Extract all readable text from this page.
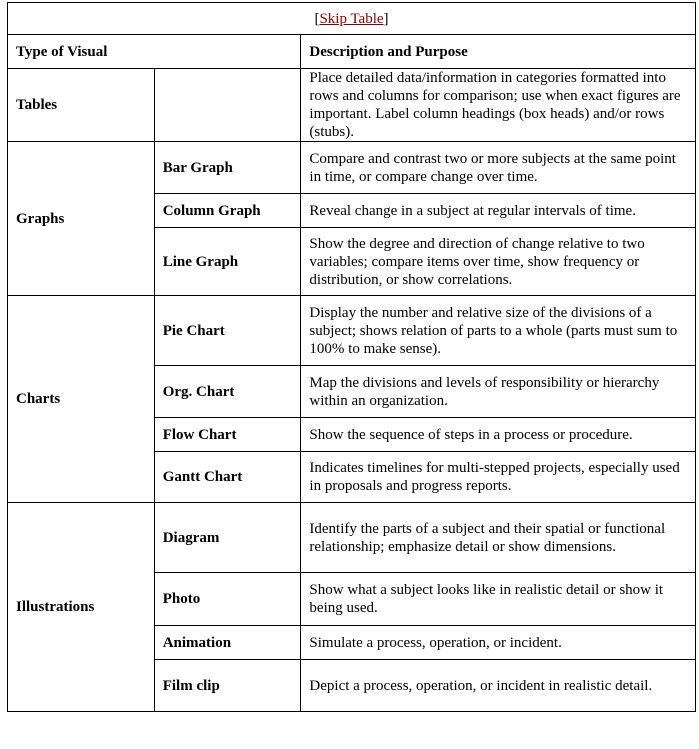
[Skip Table]		
Type of Visual		Description and Purpose
Tables		Place detailed data/information in categories formatted into rows and columns for comparison; use when exact figures are important. Label column headings (box heads) and/or rows (stubs).
Graphs	Bar Graph	Compare and contrast two or more subjects at the same point in time, or compare change over time.
	Column Graph	Reveal change in a subject at regular intervals of time.
	Line Graph	Show the degree and direction of change relative to two variables; compare items over time, show frequency or distribution, or show correlations.
Charts	Pie Chart	Display the number and relative size of the divisions of a subject; shows relation of parts to a whole (parts must sum to 100% to make sense).
	Org. Chart	Map the divisions and levels of responsibility or hierarchy within an organization.
	Flow Chart	Show the sequence of steps in a process or procedure.
	Gantt Chart	Indicates timelines for multi-stepped projects, especially used in proposals and progress reports.
Illustrations	Diagram	Identify the parts of a subject and their spatial or functional relationship; emphasize detail or show dimensions.
	Photo	Show what a subject looks like in realistic detail or show it being used.
	Animation	Simulate a process, operation, or incident.
	Film clip	Depict a process, operation, or incident in realistic detail.
